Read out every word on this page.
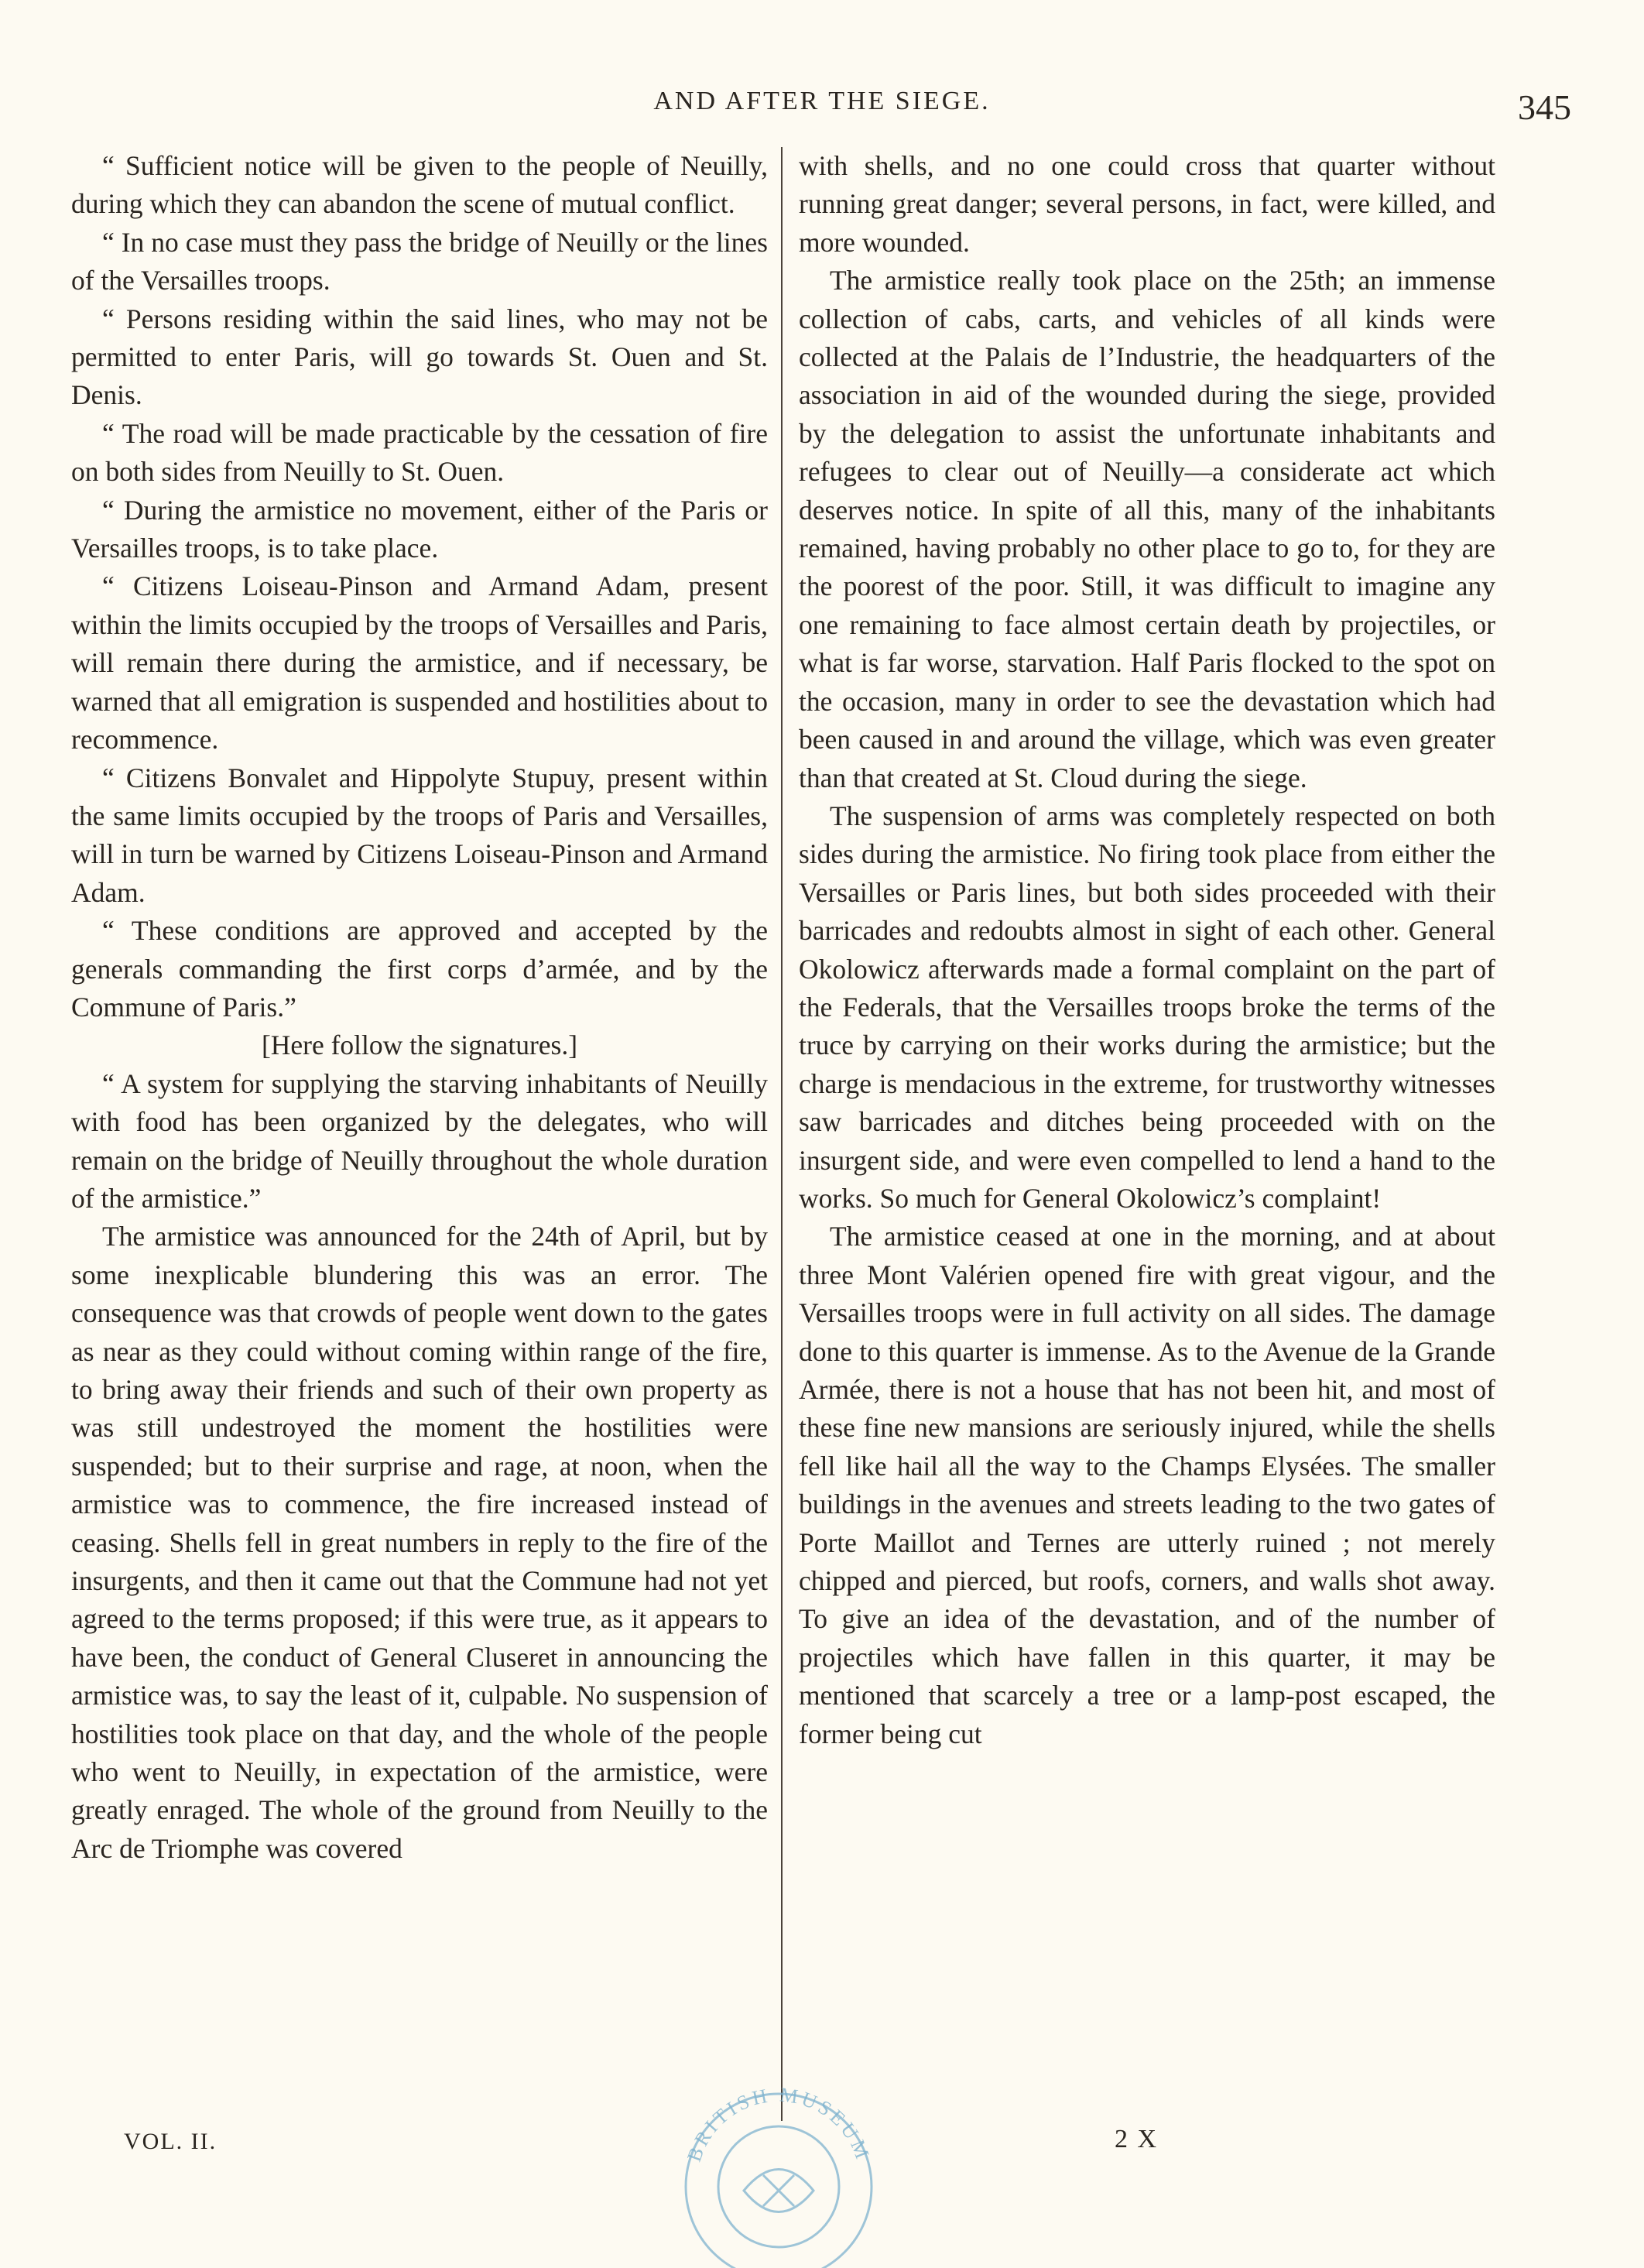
AND AFTER THE SIEGE.	345

“ Sufficient notice will be given to the people of Neuilly, during which they can abandon the scene of mutual conflict.

“ In no case must they pass the bridge of Neuilly or the lines of the Versailles troops.

“ Persons residing within the said lines, who may not be permitted to enter Paris, will go towards St. Ouen and St. Denis.

“ The road will be made practicable by the cessation of fire on both sides from Neuilly to St. Ouen.

“ During the armistice no movement, either of the Paris or Versailles troops, is to take place.

“ Citizens Loiseau-Pinson and Armand Adam, present within the limits occupied by the troops of Versailles and Paris, will remain there during the armistice, and if necessary, be warned that all emigration is suspended and hostilities about to recommence.

“ Citizens Bonvalet and Hippolyte Stupuy, present within the same limits occupied by the troops of Paris and Versailles, will in turn be warned by Citizens Loiseau-Pinson and Armand Adam.

“ These conditions are approved and accepted by the generals commanding the first corps d’armée, and by the Commune of Paris.”

[Here follow the signatures.]

“ A system for supplying the starving inhabitants of Neuilly with food has been organized by the delegates, who will remain on the bridge of Neuilly throughout the whole duration of the armistice.”

The armistice was announced for the 24th of April, but by some inexplicable blundering this was an error. The consequence was that crowds of people went down to the gates as near as they could without coming within range of the fire, to bring away their friends and such of their own property as was still undestroyed the moment the hostilities were suspended; but to their surprise and rage, at noon, when the armistice was to commence, the fire increased instead of ceasing. Shells fell in great numbers in reply to the fire of the insurgents, and then it came out that the Commune had not yet agreed to the terms proposed; if this were true, as it appears to have been, the conduct of General Cluseret in announcing the armistice was, to say the least of it, culpable. No suspension of hostilities took place on that day, and the whole of the people who went to Neuilly, in expectation of the armistice, were greatly enraged. The whole of the ground from Neuilly to the Arc de Triomphe was covered

with shells, and no one could cross that quarter without running great danger; several persons, in fact, were killed, and more wounded.

The armistice really took place on the 25th; an immense collection of cabs, carts, and vehicles of all kinds were collected at the Palais de l’Industrie, the headquarters of the association in aid of the wounded during the siege, provided by the delegation to assist the unfortunate inhabitants and refugees to clear out of Neuilly—a considerate act which deserves notice. In spite of all this, many of the inhabitants remained, having probably no other place to go to, for they are the poorest of the poor. Still, it was difficult to imagine any one remaining to face almost certain death by projectiles, or what is far worse, starvation. Half Paris flocked to the spot on the occasion, many in order to see the devastation which had been caused in and around the village, which was even greater than that created at St. Cloud during the siege.

The suspension of arms was completely respected on both sides during the armistice. No firing took place from either the Versailles or Paris lines, but both sides proceeded with their barricades and redoubts almost in sight of each other. General Okolowicz afterwards made a formal complaint on the part of the Federals, that the Versailles troops broke the terms of the truce by carrying on their works during the armistice; but the charge is mendacious in the extreme, for trustworthy witnesses saw barricades and ditches being proceeded with on the insurgent side, and were even compelled to lend a hand to the works. So much for General Okolowicz’s complaint!

The armistice ceased at one in the morning, and at about three Mont Valérien opened fire with great vigour, and the Versailles troops were in full activity on all sides. The damage done to this quarter is immense. As to the Avenue de la Grande Armée, there is not a house that has not been hit, and most of these fine new mansions are seriously injured, while the shells fell like hail all the way to the Champs Elysées. The smaller buildings in the avenues and streets leading to the two gates of Porte Maillot and Ternes are utterly ruined ; not merely chipped and pierced, but roofs, corners, and walls shot away. To give an idea of the devastation, and of the number of projectiles which have fallen in this quarter, it may be mentioned that scarcely a tree or a lamp-post escaped, the former being cut

VOL. II.	2 X
BRITISH MUSEUM
